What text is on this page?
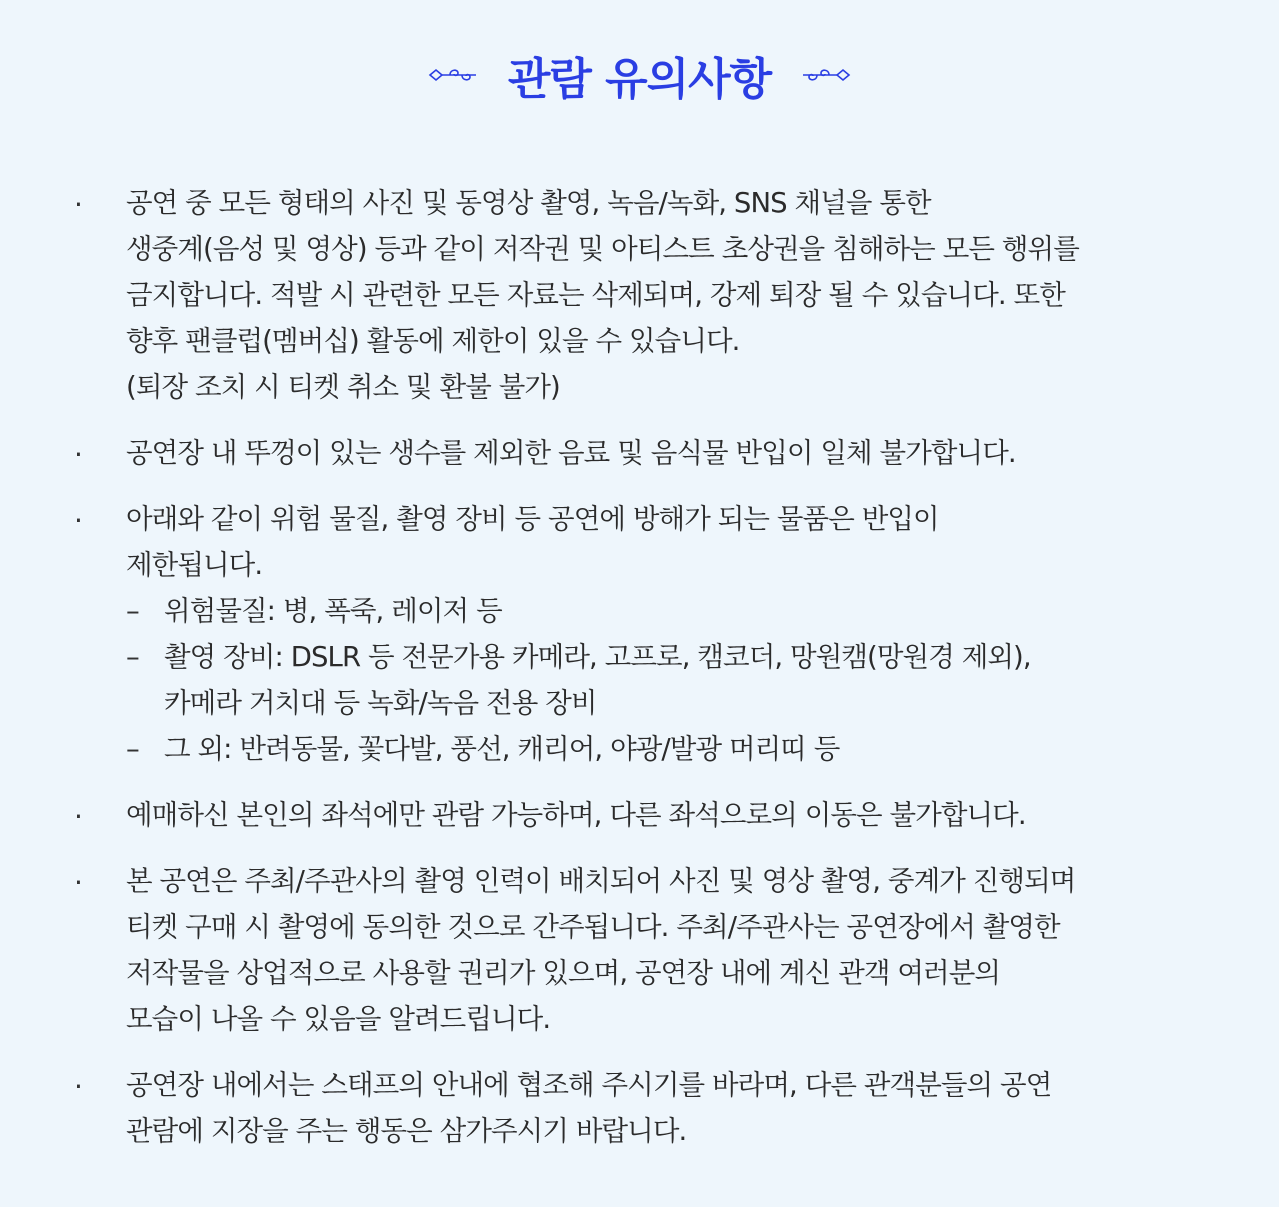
관람 유의사항
· 공연 중 모든 형태의 사진 및 동영상 촬영, 녹음/녹화, SNS 채널을 통한
생중계(음성 및 영상) 등과 같이 저작권 및 아티스트 초상권을 침해하는 모든 행위를
금지합니다. 적발 시 관련한 모든 자료는 삭제되며, 강제 퇴장 될 수 있습니다. 또한
향후 팬클럽(멤버십) 활동에 제한이 있을 수 있습니다.
(퇴장 조치 시 티켓 취소 및 환불 불가)
· 공연장 내 뚜껑이 있는 생수를 제외한 음료 및 음식물 반입이 일체 불가합니다.
· 아래와 같이 위험 물질, 촬영 장비 등 공연에 방해가 되는 물품은 반입이
제한됩니다.
– 위험물질: 병, 폭죽, 레이저 등
– 촬영 장비: DSLR 등 전문가용 카메라, 고프로, 캠코더, 망원캠(망원경 제외),
카메라 거치대 등 녹화/녹음 전용 장비
– 그 외: 반려동물, 꽃다발, 풍선, 캐리어, 야광/발광 머리띠 등
· 예매하신 본인의 좌석에만 관람 가능하며, 다른 좌석으로의 이동은 불가합니다.
· 본 공연은 주최/주관사의 촬영 인력이 배치되어 사진 및 영상 촬영, 중계가 진행되며
티켓 구매 시 촬영에 동의한 것으로 간주됩니다. 주최/주관사는 공연장에서 촬영한
저작물을 상업적으로 사용할 권리가 있으며, 공연장 내에 계신 관객 여러분의
모습이 나올 수 있음을 알려드립니다.
· 공연장 내에서는 스태프의 안내에 협조해 주시기를 바라며, 다른 관객분들의 공연
관람에 지장을 주는 행동은 삼가주시기 바랍니다.
